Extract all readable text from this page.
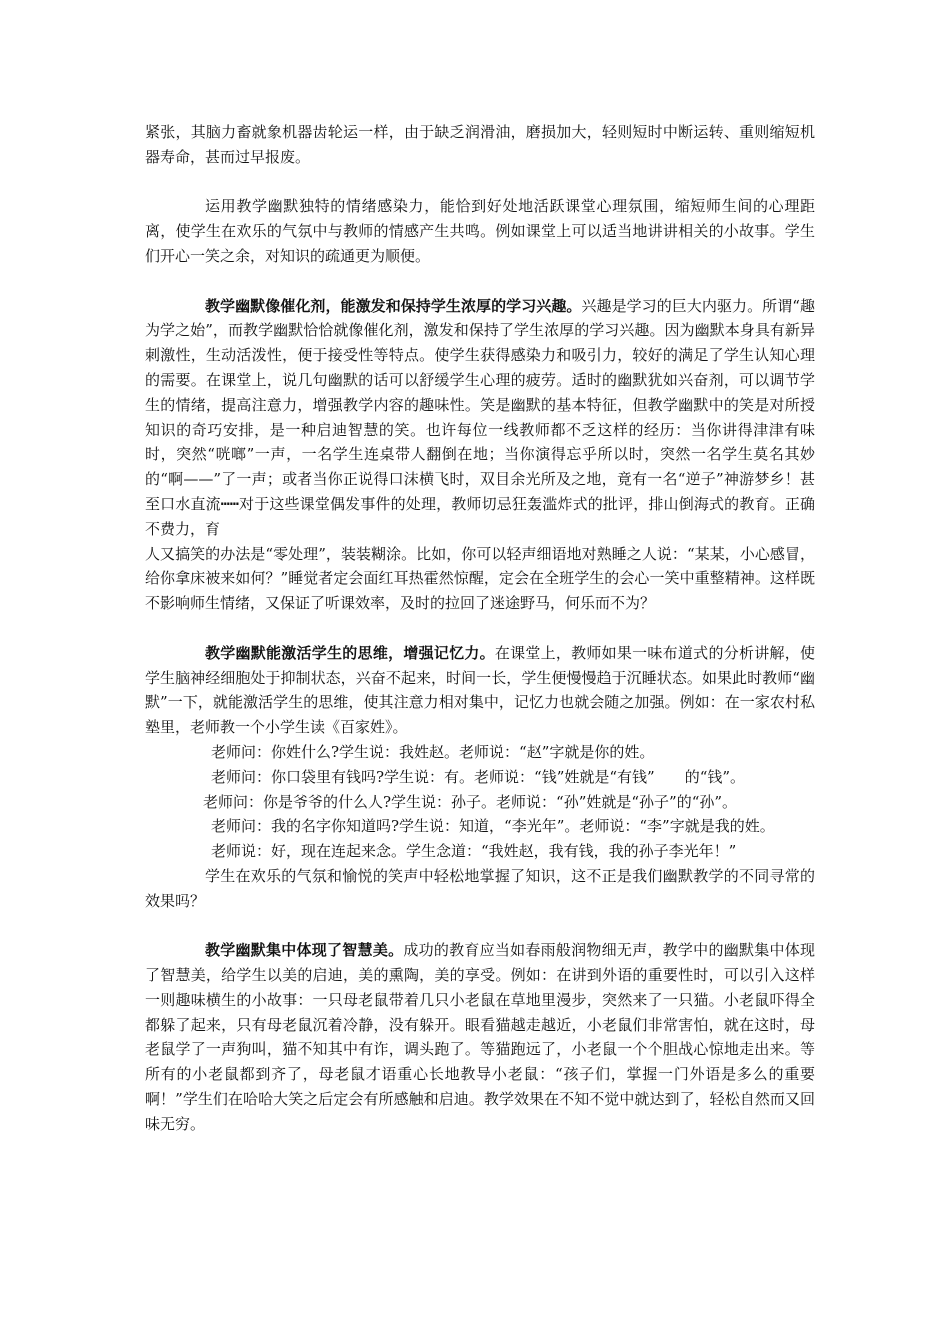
紧张，其脑力畜就象机器齿轮运一样，由于缺乏润滑油，磨损加大，轻则短时中断运转、重则缩短机器寿命，甚而过早报废。

运用教学幽默独特的情绪感染力，能恰到好处地活跃课堂心理氛围，缩短师生间的心理距离，使学生在欢乐的气氛中与教师的情感产生共鸣。例如课堂上可以适当地讲讲相关的小故事。学生们开心一笑之余，对知识的疏通更为顺便。

教学幽默像催化剂，能激发和保持学生浓厚的学习兴趣。兴趣是学习的巨大内驱力。所谓“趣为学之始”，而教学幽默恰恰就像催化剂，激发和保持了学生浓厚的学习兴趣。因为幽默本身具有新异刺激性，生动活泼性，便于接受性等特点。使学生获得感染力和吸引力，较好的满足了学生认知心理的需要。在课堂上，说几句幽默的话可以舒缓学生心理的疲劳。适时的幽默犹如兴奋剂，可以调节学生的情绪，提高注意力，增强教学内容的趣味性。笑是幽默的基本特征，但教学幽默中的笑是对所授知识的奇巧安排，是一种启迪智慧的笑。也许每位一线教师都不乏这样的经历：当你讲得津津有味时，突然“咣啷”一声，一名学生连桌带人翻倒在地；当你演得忘乎所以时，突然一名学生莫名其妙的“啊——”了一声；或者当你正说得口沫横飞时，双目余光所及之地，竟有一名“逆子”神游梦乡！甚至口水直流┅┅对于这些课堂偶发事件的处理，教师切忌狂轰滥炸式的批评，排山倒海式的教育。正确不费力，育

人又搞笑的办法是“零处理”，装装糊涂。比如，你可以轻声细语地对熟睡之人说：“某某，小心感冒，给你拿床被来如何？”睡觉者定会面红耳热霍然惊醒，定会在全班学生的会心一笑中重整精神。这样既不影响师生情绪，又保证了听课效率，及时的拉回了迷途野马，何乐而不为？

教学幽默能激活学生的思维，增强记忆力。在课堂上，教师如果一味布道式的分析讲解，使学生脑神经细胞处于抑制状态，兴奋不起来，时间一长，学生便慢慢趋于沉睡状态。如果此时教师“幽默”一下，就能激活学生的思维，使其注意力相对集中，记忆力也就会随之加强。例如：在一家农村私塾里，老师教一个小学生读《百家姓》。

老师问：你姓什么?学生说：我姓赵。老师说：“赵”字就是你的姓。

老师问：你口袋里有钱吗?学生说：有。老师说：“钱”姓就是“有钱”　　的“钱”。

老师问：你是爷爷的什么人?学生说：孙子。老师说：“孙”姓就是“孙子”的“孙”。

老师问：我的名字你知道吗?学生说：知道，“李光年”。老师说：“李”字就是我的姓。

老师说：好，现在连起来念。学生念道：“我姓赵，我有钱，我的孙子李光年！”

学生在欢乐的气氛和愉悦的笑声中轻松地掌握了知识，这不正是我们幽默教学的不同寻常的效果吗？

教学幽默集中体现了智慧美。成功的教育应当如春雨般润物细无声，教学中的幽默集中体现了智慧美，给学生以美的启迪，美的熏陶，美的享受。例如：在讲到外语的重要性时，可以引入这样一则趣味横生的小故事：一只母老鼠带着几只小老鼠在草地里漫步，突然来了一只猫。小老鼠吓得全都躲了起来，只有母老鼠沉着冷静，没有躲开。眼看猫越走越近，小老鼠们非常害怕，就在这时，母老鼠学了一声狗叫，猫不知其中有诈，调头跑了。等猫跑远了，小老鼠一个个胆战心惊地走出来。等所有的小老鼠都到齐了，母老鼠才语重心长地教导小老鼠：“孩子们，掌握一门外语是多么的重要啊！”学生们在哈哈大笑之后定会有所感触和启迪。教学效果在不知不觉中就达到了，轻松自然而又回味无穷。
